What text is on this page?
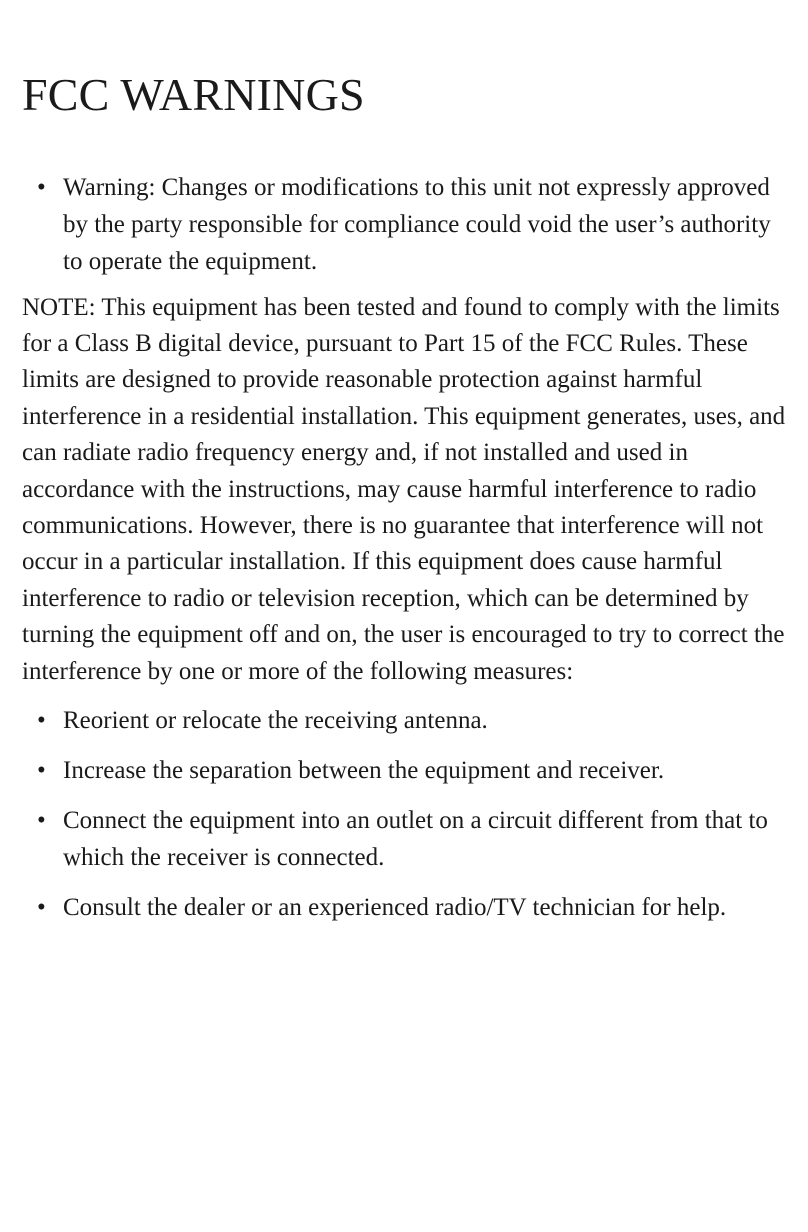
FCC WARNINGS
• Warning: Changes or modifications to this unit not expressly approved by the party responsible for compliance could void the user’s authority to operate the equipment.

NOTE: This equipment has been tested and found to comply with the limits for a Class B digital device, pursuant to Part 15 of the FCC Rules. These limits are designed to provide reasonable protection against harmful interference in a residential installation. This equipment generates, uses, and can radiate radio frequency energy and, if not installed and used in accordance with the instructions, may cause harmful interference to radio communications. However, there is no guarantee that interference will not occur in a particular installation. If this equipment does cause harmful interference to radio or television reception, which can be determined by turning the equipment off and on, the user is encouraged to try to correct the interference by one or more of the following measures:

• Reorient or relocate the receiving antenna.
• Increase the separation between the equipment and receiver.
• Connect the equipment into an outlet on a circuit different from that to which the receiver is connected.
• Consult the dealer or an experienced radio/TV technician for help.
